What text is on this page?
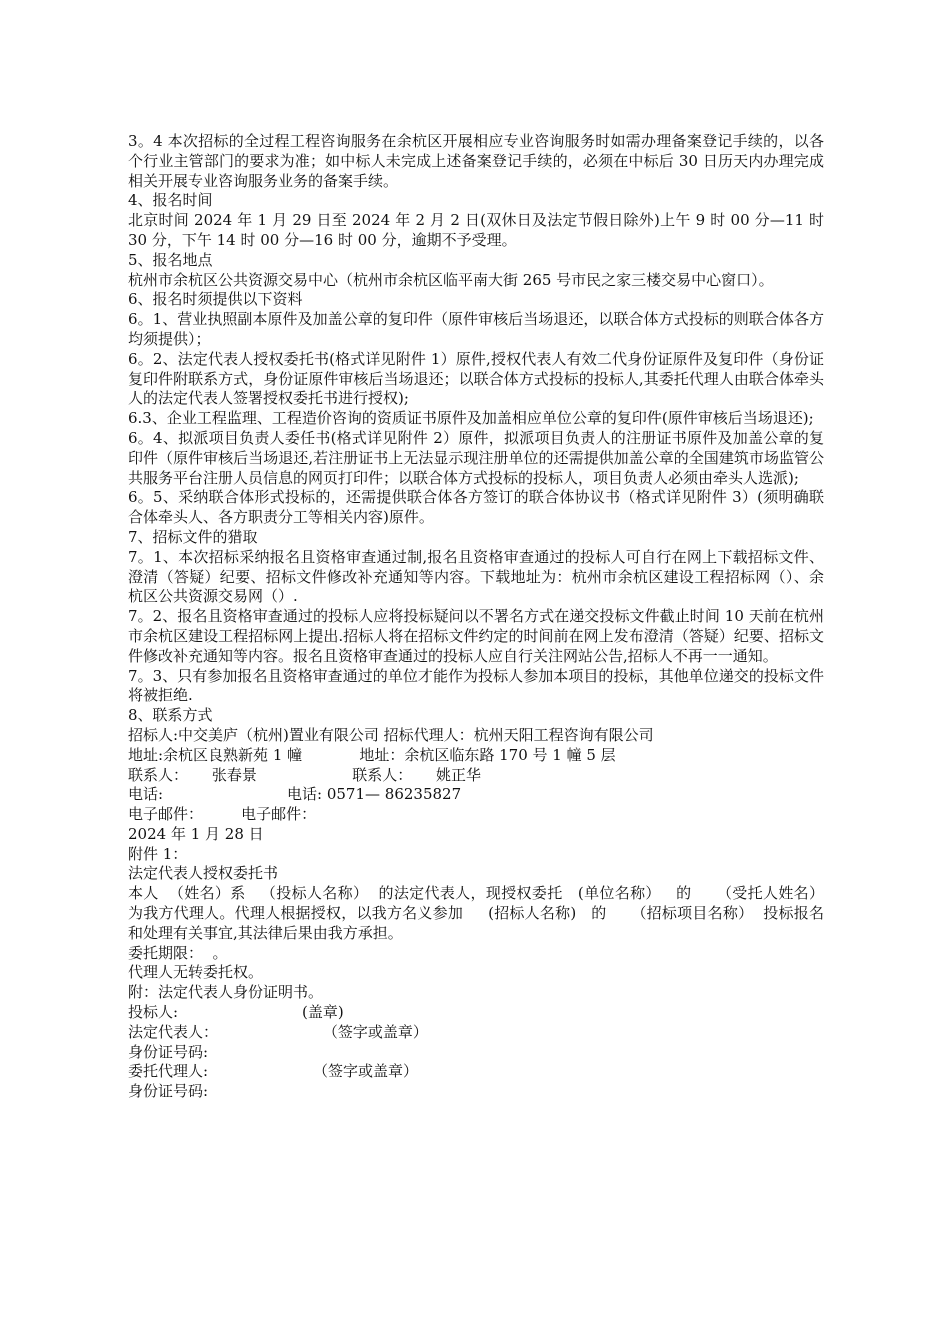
3。4 本次招标的全过程工程咨询服务在余杭区开展相应专业咨询服务时如需办理备案登记手续的，以各个行业主管部门的要求为准；如中标人未完成上述备案登记手续的，必须在中标后 30 日历天内办理完成相关开展专业咨询服务业务的备案手续。

4、报名时间

北京时间 2024 年 1 月 29 日至 2024 年 2 月 2 日(双休日及法定节假日除外)上午 9 时 00 分—11 时 30 分，下午 14 时 00 分—16 时 00 分，逾期不予受理。

5、报名地点

杭州市余杭区公共资源交易中心（杭州市余杭区临平南大街 265 号市民之家三楼交易中心窗口）。

6、报名时须提供以下资料

6。1、营业执照副本原件及加盖公章的复印件（原件审核后当场退还，以联合体方式投标的则联合体各方均须提供）；

6。2、法定代表人授权委托书(格式详见附件 1）原件,授权代表人有效二代身份证原件及复印件（身份证复印件附联系方式，身份证原件审核后当场退还；以联合体方式投标的投标人,其委托代理人由联合体牵头人的法定代表人签署授权委托书进行授权);

6.3、企业工程监理、工程造价咨询的资质证书原件及加盖相应单位公章的复印件(原件审核后当场退还);

6。4、拟派项目负责人委任书(格式详见附件 2）原件，拟派项目负责人的注册证书原件及加盖公章的复印件（原件审核后当场退还,若注册证书上无法显示现注册单位的还需提供加盖公章的全国建筑市场监管公共服务平台注册人员信息的网页打印件；以联合体方式投标的投标人，项目负责人必须由牵头人选派);

6。5、采纳联合体形式投标的，还需提供联合体各方签订的联合体协议书（格式详见附件 3）(须明确联合体牵头人、各方职责分工等相关内容)原件。

7、招标文件的猎取

7。1、本次招标采纳报名且资格审查通过制,报名且资格审查通过的投标人可自行在网上下载招标文件、澄清（答疑）纪要、招标文件修改补充通知等内容。下载地址为：杭州市余杭区建设工程招标网（）、余杭区公共资源交易网（）.

7。2、报名且资格审查通过的投标人应将投标疑问以不署名方式在递交投标文件截止时间 10 天前在杭州市余杭区建设工程招标网上提出.招标人将在招标文件约定的时间前在网上发布澄清（答疑）纪要、招标文件修改补充通知等内容。报名且资格审查通过的投标人应自行关注网站公告,招标人不再一一通知。

7。3、只有参加报名且资格审查通过的单位才能作为投标人参加本项目的投标，其他单位递交的投标文件将被拒绝.

8、联系方式

招标人:中交美庐（杭州)置业有限公司 招标代理人：杭州天阳工程咨询有限公司

地址:余杭区良熟新苑 1 幢            地址：余杭区临东路 170 号 1 幢 5 层

联系人：     张春景                    联系人：     姚正华

电话:                          电话: 0571— 86235827

电子邮件：        电子邮件：

2024 年 1 月 28 日

附件 1：

法定代表人授权委托书

本人  （姓名）系   （投标人名称）  的法定代表人，现授权委托   (单位名称）   的     （受托人姓名）   为我方代理人。代理人根据授权，以我方名义参加     (招标人名称)   的     （招标项目名称）  投标报名和处理有关事宜,其法律后果由我方承担。

委托期限：  。

代理人无转委托权。

附：法定代表人身份证明书。

投标人:                          (盖章)

法定代表人：                      （签字或盖章）

身份证号码:

委托代理人:                      （签字或盖章）

身份证号码:
